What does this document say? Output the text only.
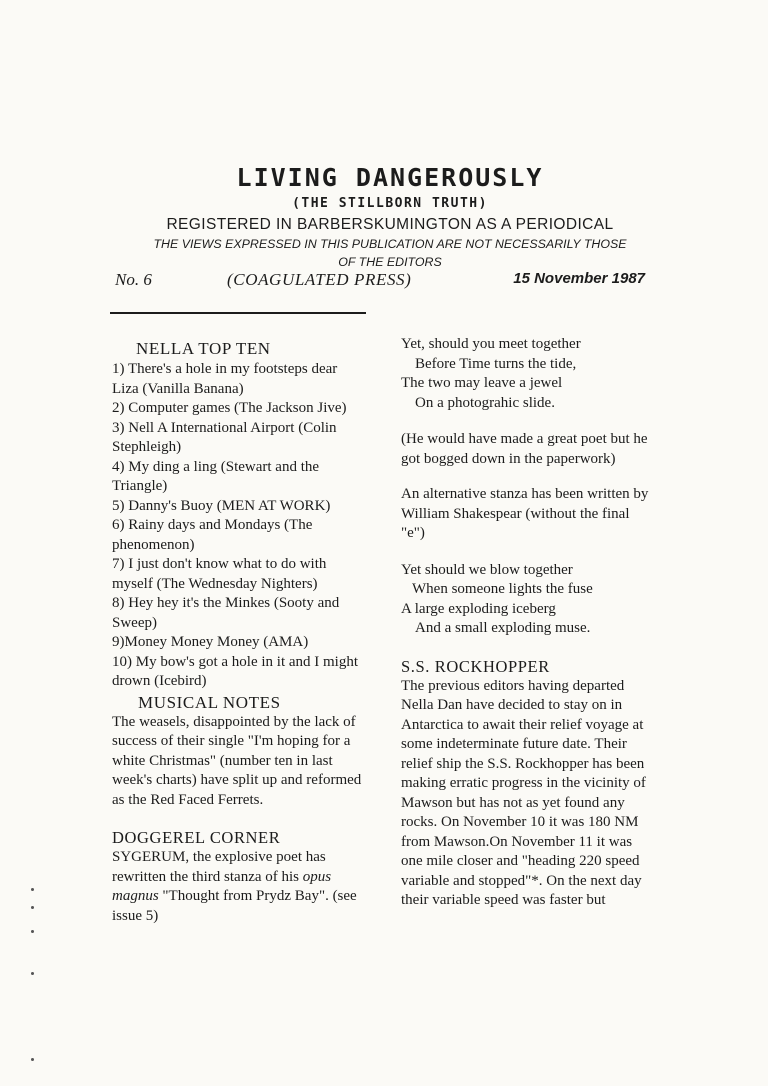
LIVING DANGEROUSLY
(THE STILLBORN TRUTH)
REGISTERED IN BARBERSKUMINGTON AS A PERIODICAL
THE VIEWS EXPRESSED IN THIS PUBLICATION ARE NOT NECESSARILY THOSE
OF THE EDITORS
No. 6	(COAGULATED PRESS)	15 November 1987
NELLA TOP TEN
1) There's a hole in my footsteps dear Liza (Vanilla Banana)
2) Computer games (The Jackson Jive)
3) Nell A International Airport (Colin Stephleigh)
4) My ding a ling (Stewart and the Triangle)
5) Danny's Buoy (MEN AT WORK)
6) Rainy days and Mondays (The phenomenon)
7) I just don't know what to do with myself (The Wednesday Nighters)
8) Hey hey it's the Minkes (Sooty and Sweep)
9)Money Money Money (AMA)
10) My bow's got a hole in it and I might drown (Icebird)
MUSICAL NOTES
The weasels, disappointed by the lack of success of their single "I'm hoping for a white Christmas" (number ten in last week's charts) have split up and reformed as the Red Faced Ferrets.
DOGGEREL CORNER
SYGERUM, the explosive poet has rewritten the third stanza of his opus magnus "Thought from Prydz Bay". (see issue 5)
Yet, should you meet together
Before Time turns the tide,
The two may leave a jewel
On a photograhic slide.
(He would have made a great poet but he got bogged down in the paperwork)
An alternative stanza has been written by William Shakespear (without the final "e")
Yet should we blow together
When someone lights the fuse
A large exploding iceberg
And a small exploding muse.
S.S. ROCKHOPPER
The previous editors having departed Nella Dan have decided to stay on in Antarctica to await their relief voyage at some indeterminate future date. Their relief ship the S.S. Rockhopper has been making erratic progress in the vicinity of Mawson but has not as yet found any rocks. On November 10 it was 180 NM from Mawson.On November 11 it was one mile closer and "heading 220 speed variable and stopped"*. On the next day their variable speed was faster but
